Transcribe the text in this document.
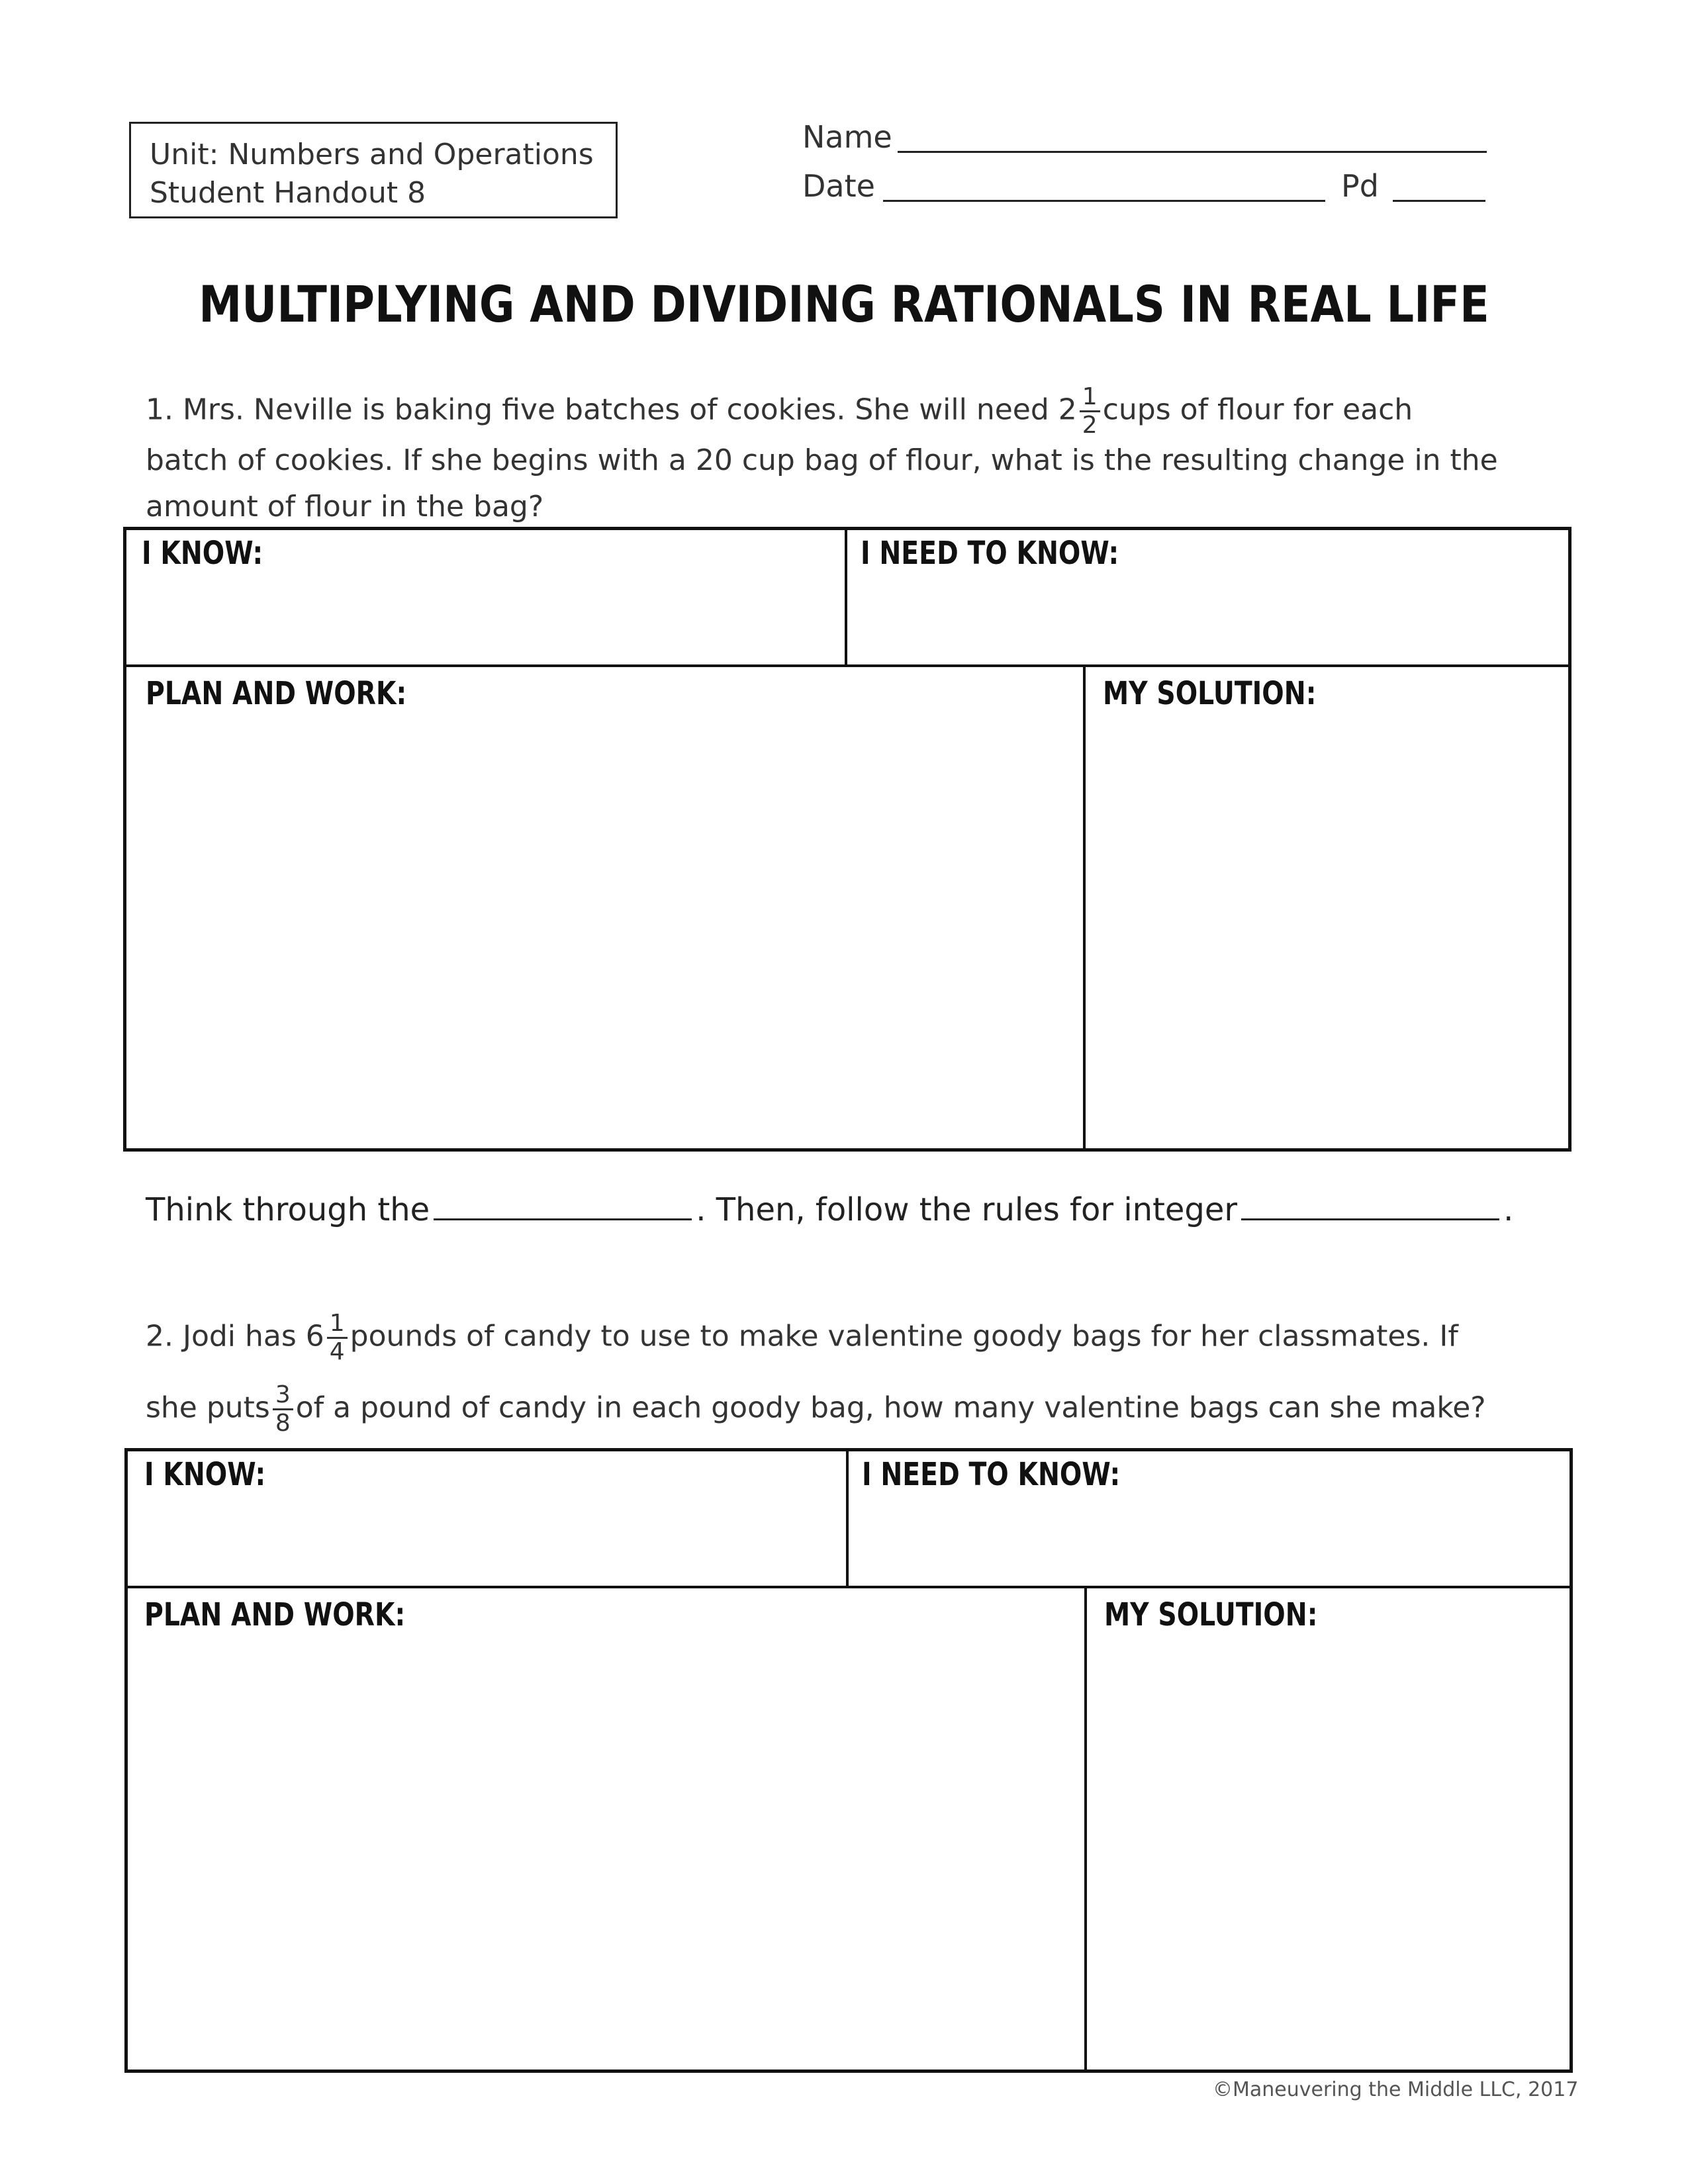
Unit: Numbers and Operations
Student Handout 8
Name
Date	Pd
MULTIPLYING AND DIVIDING RATIONALS IN REAL LIFE
1. Mrs. Neville is baking five batches of cookies. She will need $2 \frac{1}{2}$ cups of flour for each
batch of cookies. If she begins with a 20 cup bag of flour, what is the resulting change in the
amount of flour in the bag?
I KNOW:	I NEED TO KNOW:
PLAN AND WORK:	MY SOLUTION:
Think through the	. Then, follow the rules for integer	.
2. Jodi has $6 \frac{1}{4}$ pounds of candy to use to make valentine goody bags for her classmates. If
she puts $\frac{3}{8}$ of a pound of candy in each goody bag, how many valentine bags can she make?
I KNOW:	I NEED TO KNOW:
PLAN AND WORK:	MY SOLUTION:
©Maneuvering the Middle LLC, 2017
